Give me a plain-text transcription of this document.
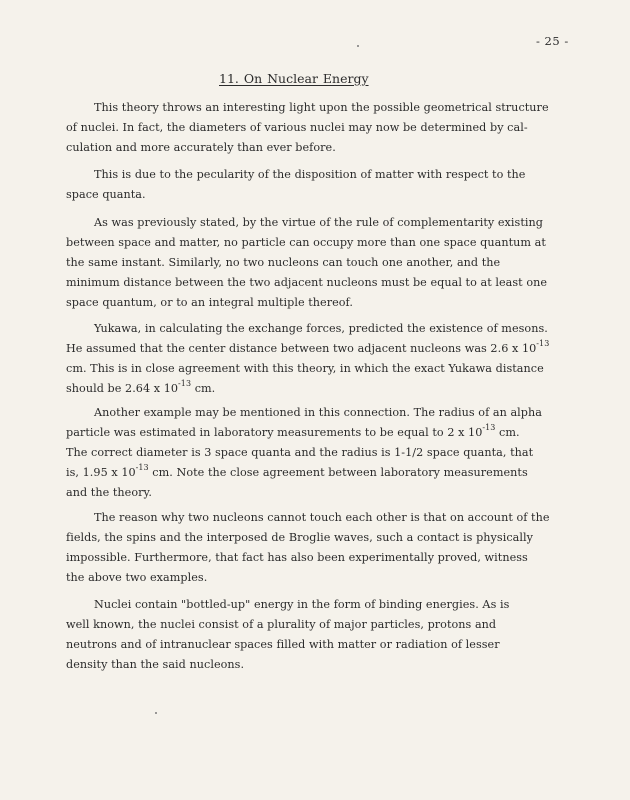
- 25 -
11. On Nuclear Energy
This theory throws an interesting light upon the possible geometrical structure
of nuclei. In fact, the diameters of various nuclei may now be determined by cal-
culation and more accurately than ever before.
This is due to the pecularity of the disposition of matter with respect to the
space quanta.
As was previously stated, by the virtue of the rule of complementarity existing
between space and matter, no particle can occupy more than one space quantum at
the same instant. Similarly, no two nucleons can touch one another, and the
minimum distance between the two adjacent nucleons must be equal to at least one
space quantum, or to an integral multiple thereof.
Yukawa, in calculating the exchange forces, predicted the existence of mesons.
He assumed that the center distance between two adjacent nucleons was 2.6 x $10^{-13}$
cm. This is in close agreement with this theory, in which the exact Yukawa distance
should be 2.64 x $10^{-13}$ cm.
Another example may be mentioned in this connection. The radius of an alpha
particle was estimated in laboratory measurements to be equal to 2 x $10^{-13}$ cm.
The correct diameter is 3 space quanta and the radius is 1-1/2 space quanta, that
is, 1.95 x $10^{-13}$ cm. Note the close agreement between laboratory measurements
and the theory.
The reason why two nucleons cannot touch each other is that on account of the
fields, the spins and the interposed de Broglie waves, such a contact is physically
impossible. Furthermore, that fact has also been experimentally proved, witness
the above two examples.
Nuclei contain "bottled-up" energy in the form of binding energies. As is
well known, the nuclei consist of a plurality of major particles, protons and
neutrons and of intranuclear spaces filled with matter or radiation of lesser
density than the said nucleons.
